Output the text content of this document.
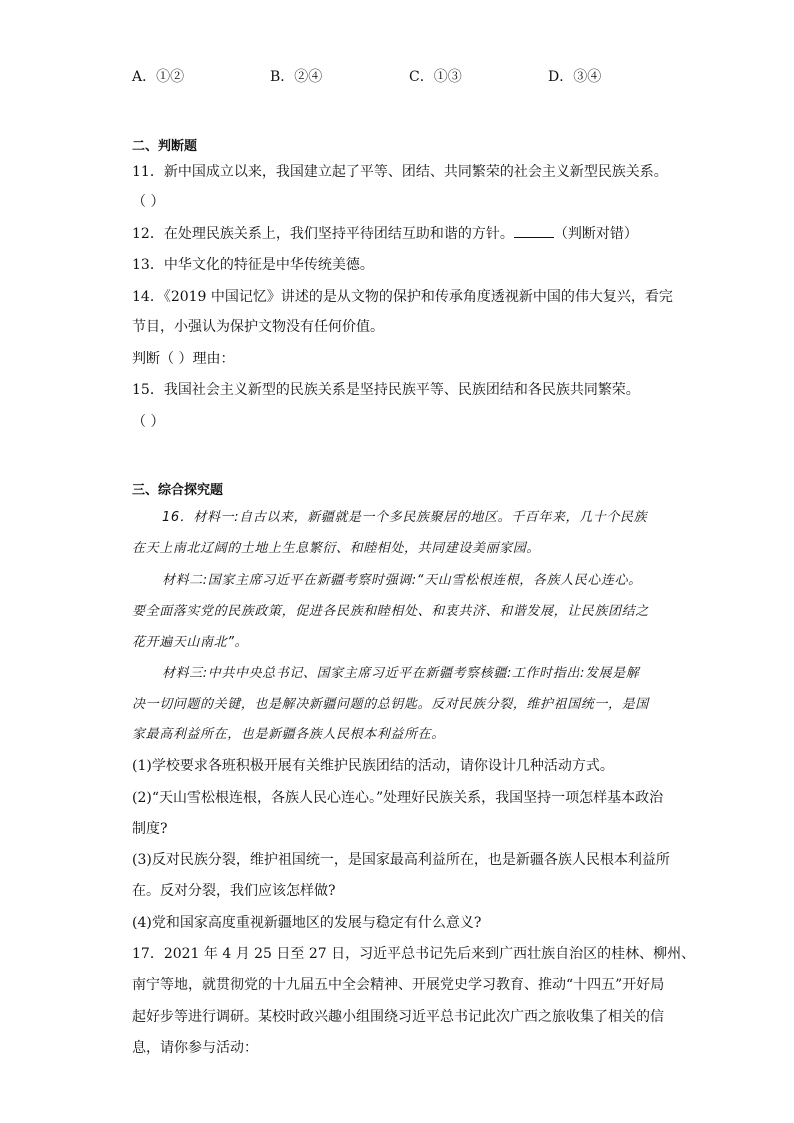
A．①②	B．②④	C．①③	D．③④
二、判断题
11．新中国成立以来，我国建立起了平等、团结、共同繁荣的社会主义新型民族关系。
（ ）
12．在处理民族关系上，我们坚持平待团结互助和谐的方针。	（判断对错）
13．中华文化的特征是中华传统美德。
14．《2019 中国记忆》讲述的是从文物的保护和传承角度透视新中国的伟大复兴，看完
节目，小强认为保护文物没有任何价值。
判断（ ）理由：
15．我国社会主义新型的民族关系是坚持民族平等、民族团结和各民族共同繁荣。
（ ）
三、综合探究题
16．材料一:自古以来，新疆就是一个多民族聚居的地区。千百年来，几十个民族
在天上南北辽阔的土地上生息繁衍、和睦相处，共同建设美丽家园。
材料二:国家主席习近平在新疆考察时强调:“天山雪松根连根，各族人民心连心。
要全面落实党的民族政策，促进各民族和睦相处、和衷共济、和谐发展，让民族团结之
花开遍天山南北”。
材料三:中共中央总书记、国家主席习近平在新疆考察核疆:工作时指出:发展是解
决一切问题的关键，也是解决新疆问题的总钥匙。反对民族分裂，维护祖国统一，是国
家最高利益所在，也是新疆各族人民根本利益所在。
(1)学校要求各班积极开展有关维护民族团结的活动，请你设计几种活动方式。
(2)“天山雪松根连根，各族人民心连心。”处理好民族关系，我国坚持一项怎样基本政治
制度?
(3)反对民族分裂，维护祖国统一，是国家最高利益所在，也是新疆各族人民根本利益所
在。反对分裂，我们应该怎样做?
(4)党和国家高度重视新疆地区的发展与稳定有什么意义?
17．2021 年 4 月 25 日至 27 日，习近平总书记先后来到广西壮族自治区的桂林、柳州、
南宁等地，就贯彻党的十九届五中全会精神、开展党史学习教育、推动“十四五”开好局
起好步等进行调研。某校时政兴趣小组围绕习近平总书记此次广西之旅收集了相关的信
息，请你参与活动：
